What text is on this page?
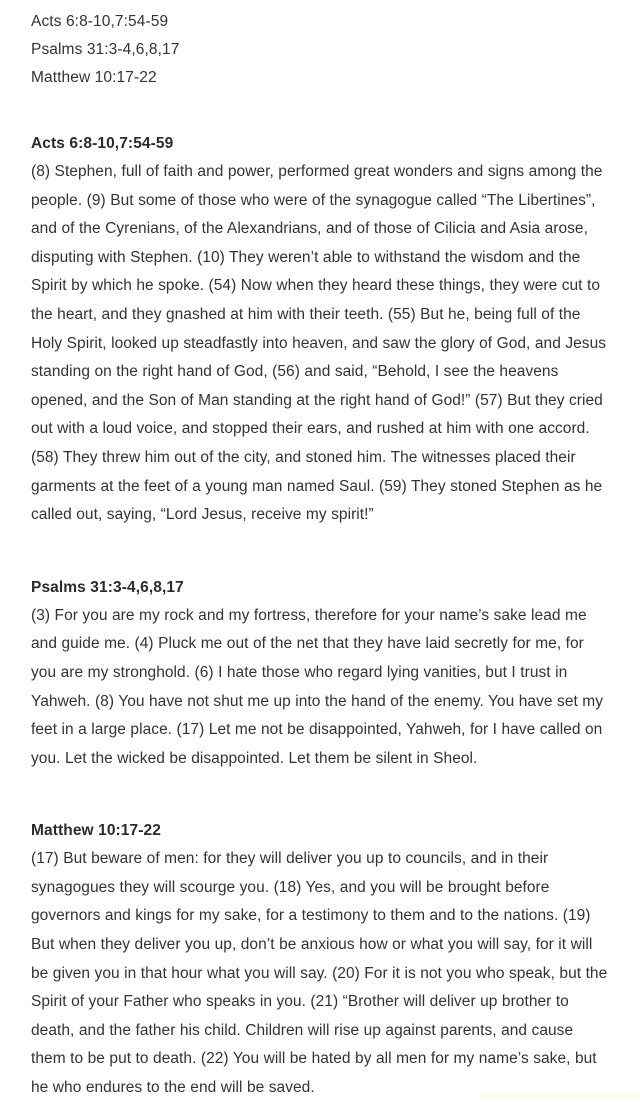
Acts 6:8-10,7:54-59
Psalms 31:3-4,6,8,17
Matthew 10:17-22
Acts 6:8-10,7:54-59

(8) Stephen, full of faith and power, performed great wonders and signs among the people. (9) But some of those who were of the synagogue called “The Libertines”, and of the Cyrenians, of the Alexandrians, and of those of Cilicia and Asia arose, disputing with Stephen. (10) They weren’t able to withstand the wisdom and the Spirit by which he spoke. (54) Now when they heard these things, they were cut to the heart, and they gnashed at him with their teeth. (55) But he, being full of the Holy Spirit, looked up steadfastly into heaven, and saw the glory of God, and Jesus standing on the right hand of God, (56) and said, “Behold, I see the heavens opened, and the Son of Man standing at the right hand of God!” (57) But they cried out with a loud voice, and stopped their ears, and rushed at him with one accord. (58) They threw him out of the city, and stoned him. The witnesses placed their garments at the feet of a young man named Saul. (59) They stoned Stephen as he called out, saying, “Lord Jesus, receive my spirit!”

Psalms 31:3-4,6,8,17

(3) For you are my rock and my fortress, therefore for your name’s sake lead me and guide me. (4) Pluck me out of the net that they have laid secretly for me, for you are my stronghold. (6) I hate those who regard lying vanities, but I trust in Yahweh. (8) You have not shut me up into the hand of the enemy. You have set my feet in a large place. (17) Let me not be disappointed, Yahweh, for I have called on you. Let the wicked be disappointed. Let them be silent in Sheol.

Matthew 10:17-22

(17) But beware of men: for they will deliver you up to councils, and in their synagogues they will scourge you. (18) Yes, and you will be brought before governors and kings for my sake, for a testimony to them and to the nations. (19) But when they deliver you up, don’t be anxious how or what you will say, for it will be given you in that hour what you will say. (20) For it is not you who speak, but the Spirit of your Father who speaks in you. (21) “Brother will deliver up brother to death, and the father his child. Children will rise up against parents, and cause them to be put to death. (22) You will be hated by all men for my name’s sake, but he who endures to the end will be saved.
